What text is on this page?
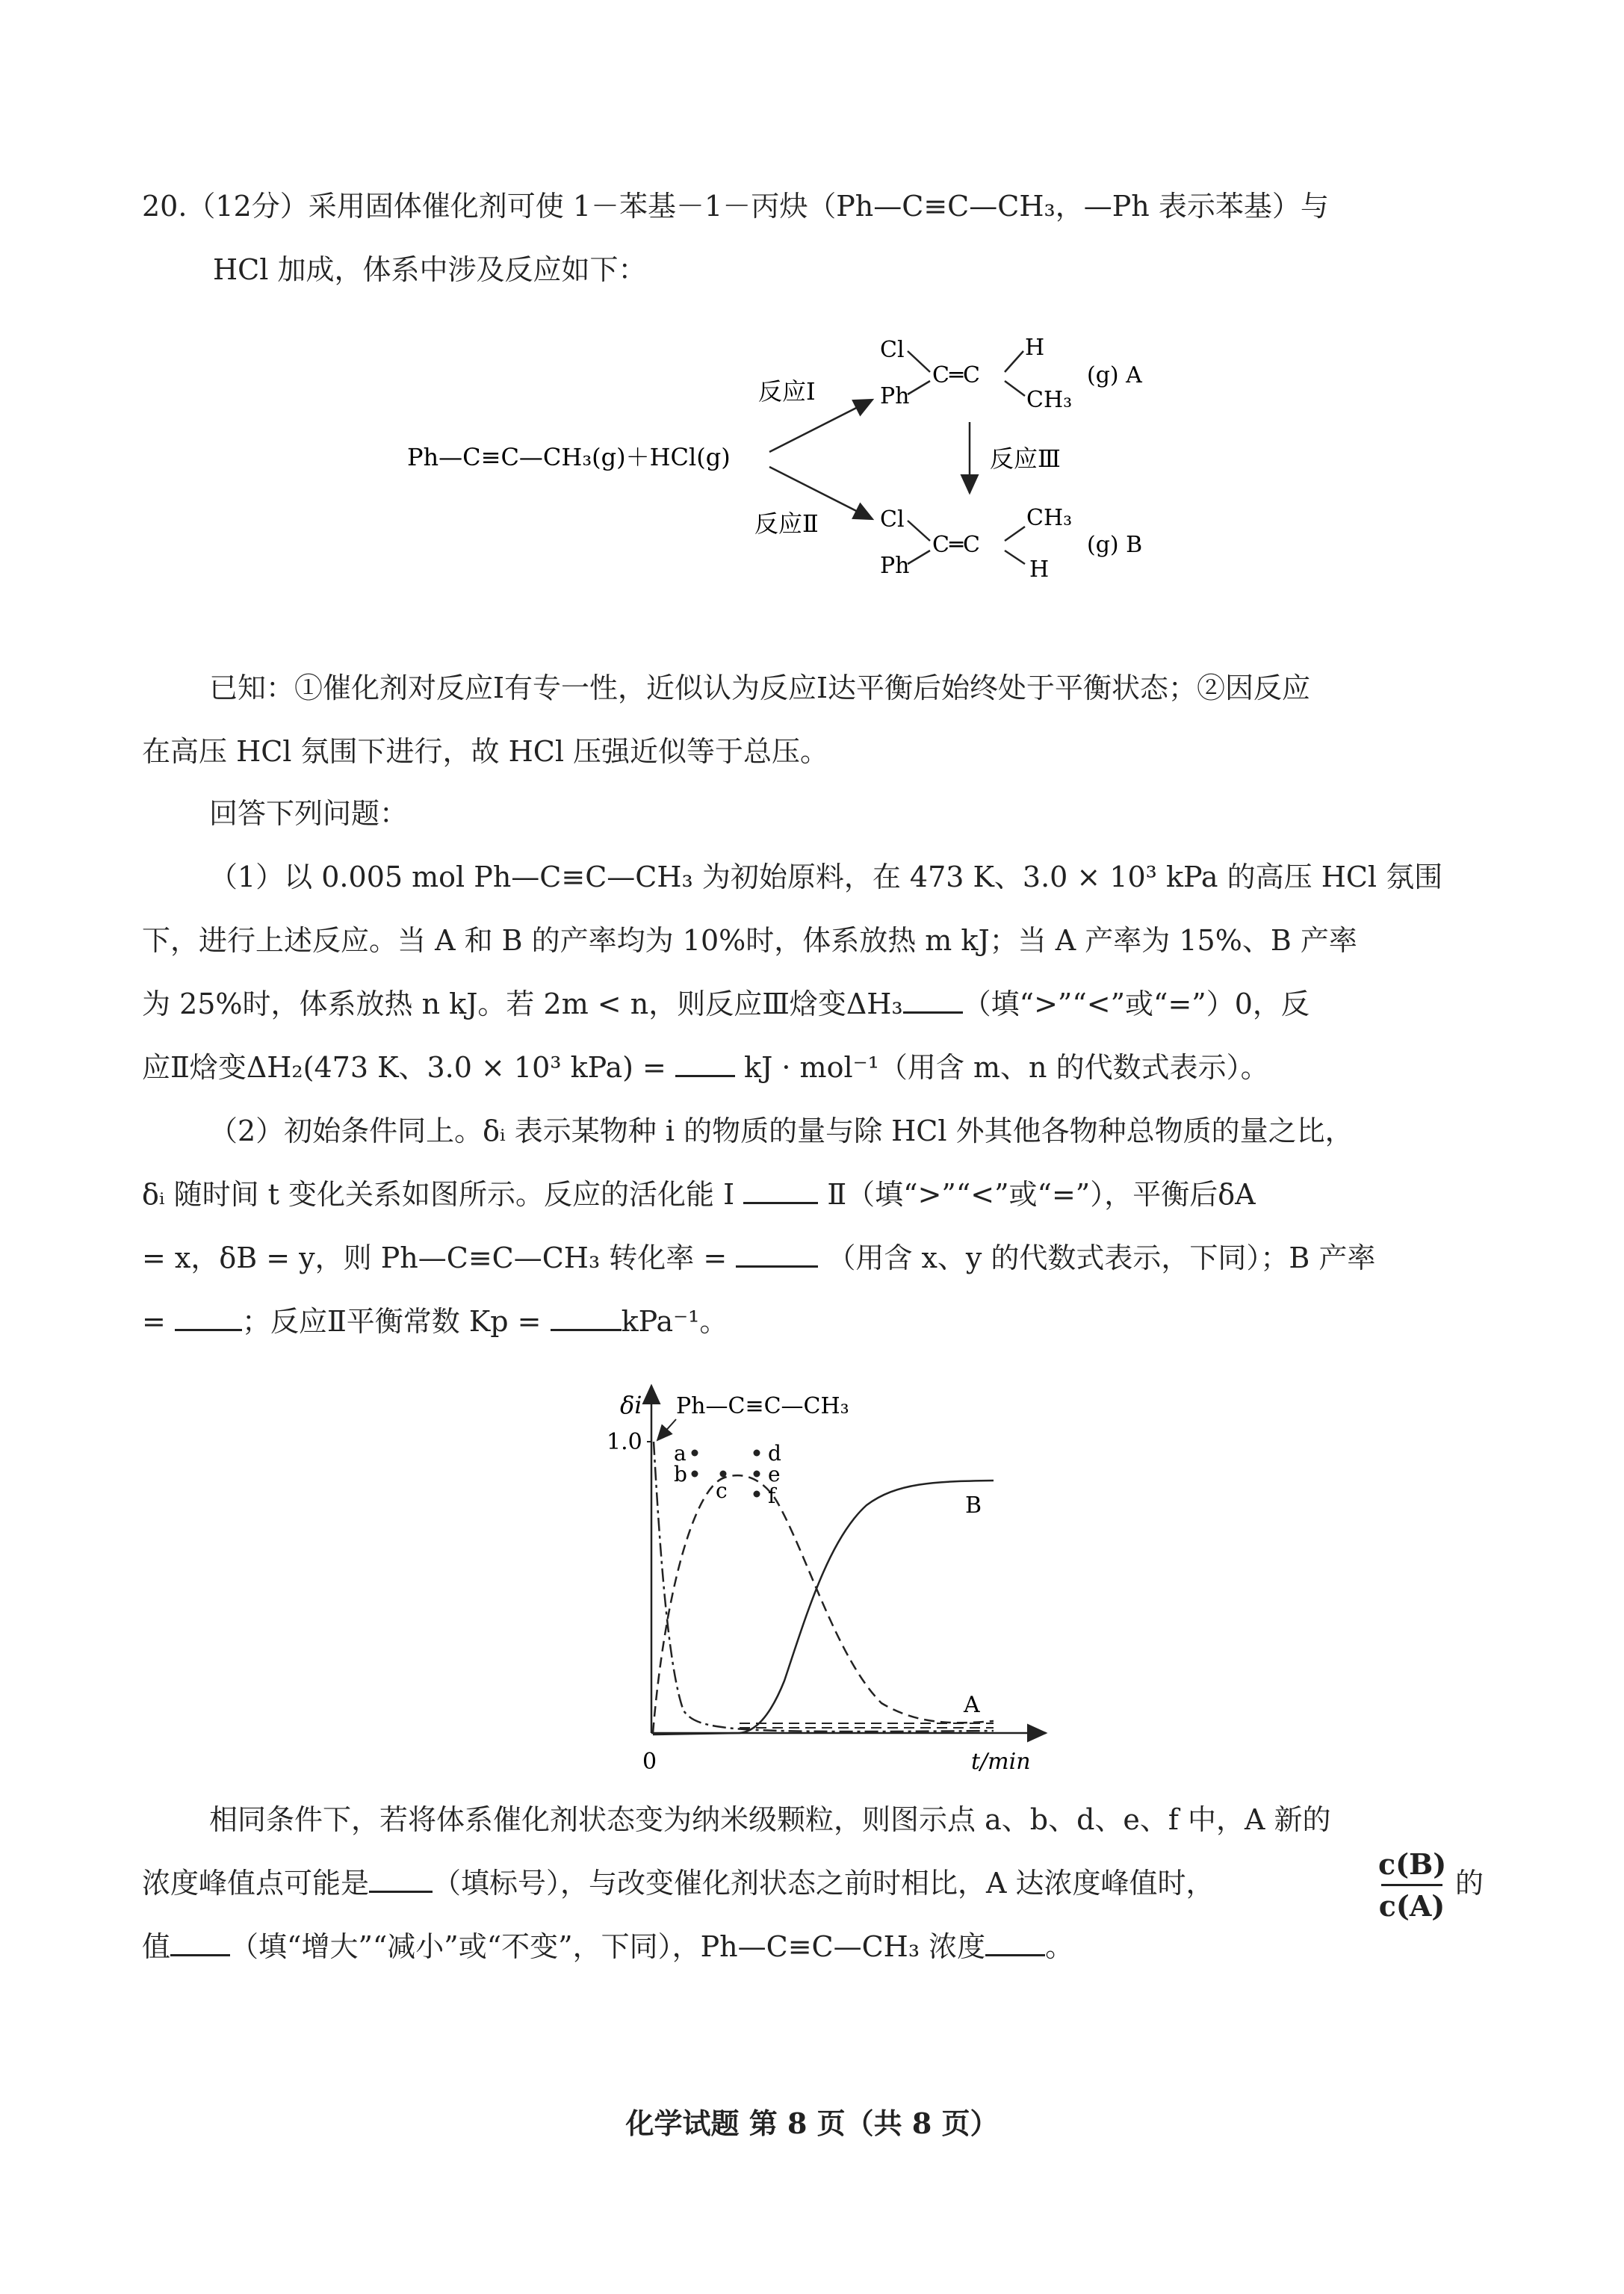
20.（12分）采用固体催化剂可使 1－苯基－1－丙炔（Ph—C≡C—CH₃，—Ph 表示苯基）与
HCl 加成，体系中涉及反应如下：
Ph—C≡C—CH₃(g)＋HCl(g)
反应Ⅰ
反应Ⅱ
Cl
Ph
C═C
H
CH₃
(g) A
反应Ⅲ
Cl
Ph
C═C
CH₃
H
(g) B
已知：①催化剂对反应Ⅰ有专一性，近似认为反应Ⅰ达平衡后始终处于平衡状态；②因反应
在高压 HCl 氛围下进行，故 HCl 压强近似等于总压。
回答下列问题：
（1）以 0.005 mol Ph—C≡C—CH₃ 为初始原料，在 473 K、3.0 × 10³ kPa 的高压 HCl 氛围
下，进行上述反应。当 A 和 B 的产率均为 10%时，体系放热 m kJ；当 A 产率为 15%、B 产率
为 25%时，体系放热 n kJ。若 2m < n，则反应Ⅲ焓变ΔH₃ （填“>”“<”或“=”）0，反
应Ⅱ焓变ΔH₂(473 K、3.0 × 10³ kPa) =	kJ · mol⁻¹（用含 m、n 的代数式表示）。
（2）初始条件同上。δᵢ 表示某物种 i 的物质的量与除 HCl 外其他各物种总物质的量之比，
δᵢ 随时间 t 变化关系如图所示。反应的活化能 Ⅰ	Ⅱ（填“>”“<”或“=”），平衡后δA
= x，δB = y，则 Ph—C≡C—CH₃ 转化率 =	（用含 x、y 的代数式表示，下同）；B 产率
=	；反应Ⅱ平衡常数 Kp =	kPa⁻¹。
δi
t/min
0
1.0
Ph—C≡C—CH₃
A
B
a
b
c
d
e
f
相同条件下，若将体系催化剂状态变为纳米级颗粒，则图示点 a、b、d、e、f 中，A 新的
浓度峰值点可能是 （填标号），与改变催化剂状态之前时相比，A 达浓度峰值时，
c(B)
c(A)
的
值 （填“增大”“减小”或“不变”，下同），Ph—C≡C—CH₃ 浓度 。
化学试题 第 8 页（共 8 页）
